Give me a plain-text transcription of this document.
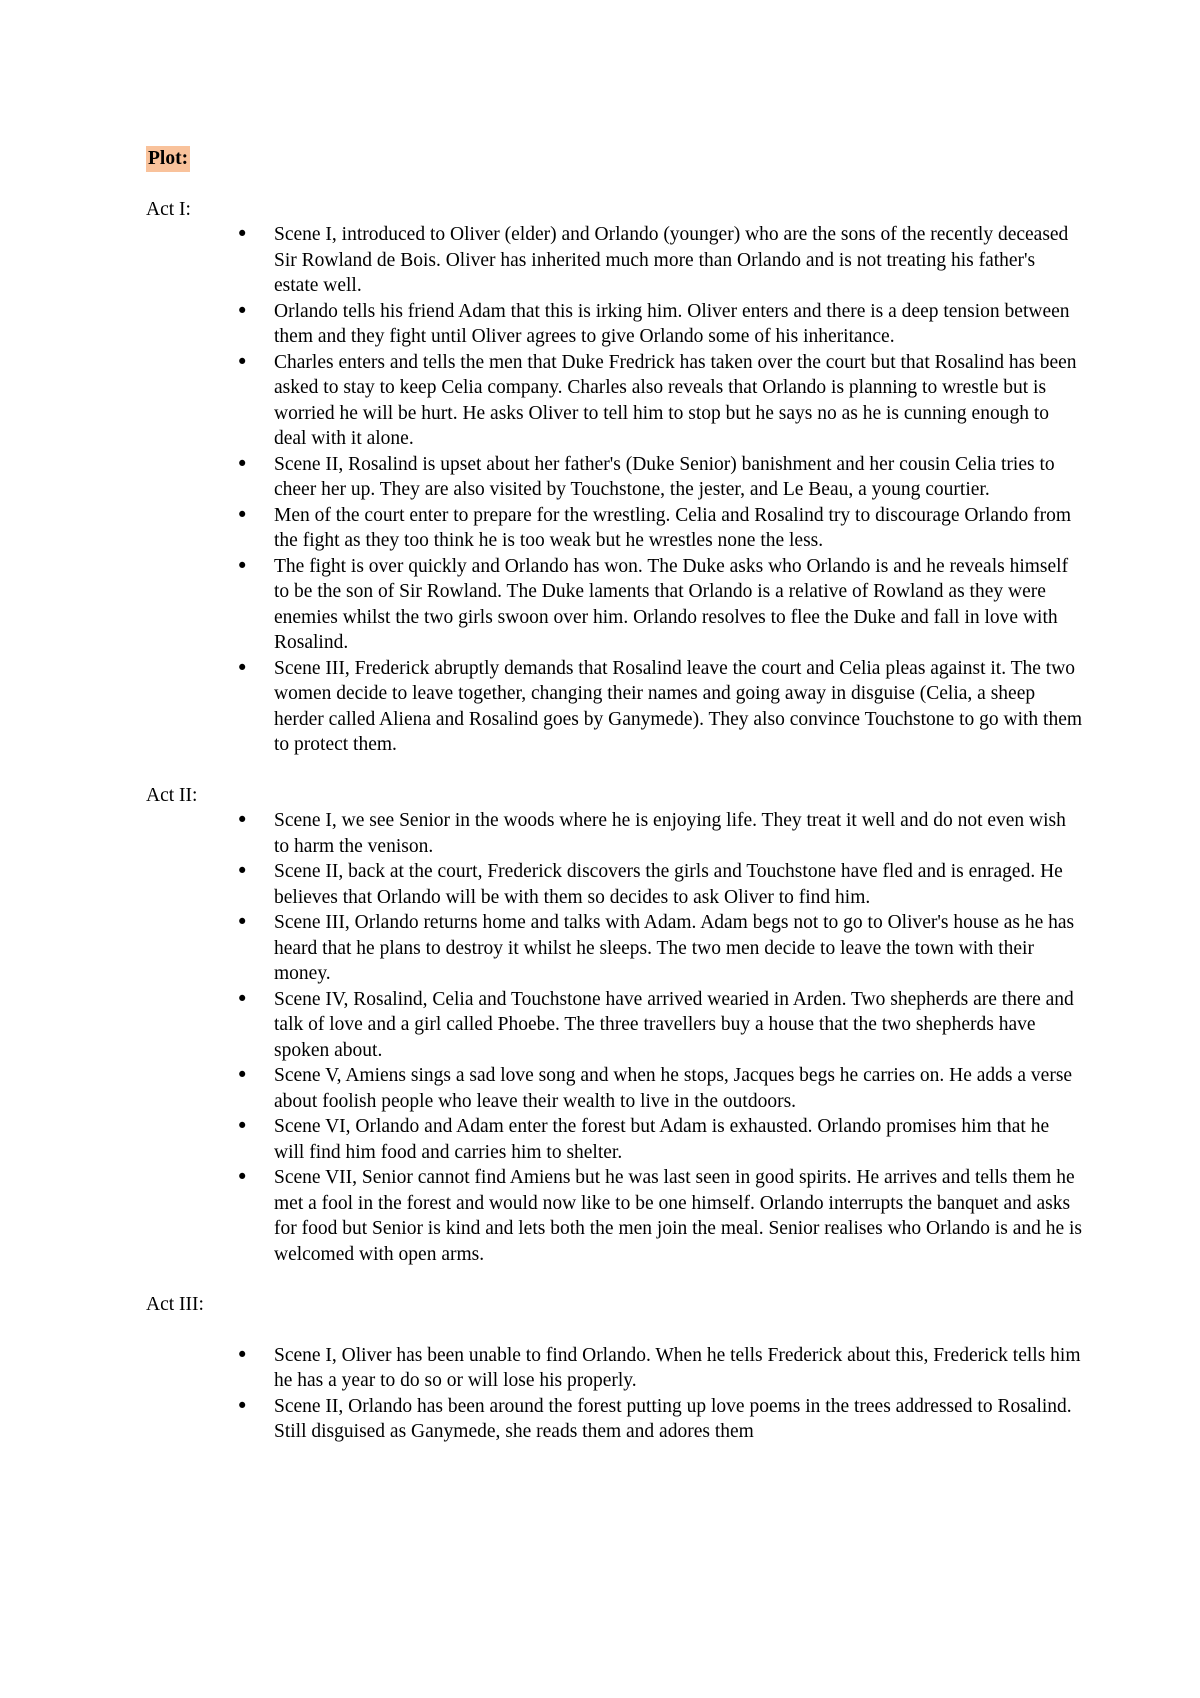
Plot:
Act I:
• Scene I, introduced to Oliver (elder) and Orlando (younger) who are the sons of the recently deceased Sir Rowland de Bois. Oliver has inherited much more than Orlando and is not treating his father's estate well.
• Orlando tells his friend Adam that this is irking him. Oliver enters and there is a deep tension between them and they fight until Oliver agrees to give Orlando some of his inheritance.
• Charles enters and tells the men that Duke Fredrick has taken over the court but that Rosalind has been asked to stay to keep Celia company. Charles also reveals that Orlando is planning to wrestle but is worried he will be hurt. He asks Oliver to tell him to stop but he says no as he is cunning enough to deal with it alone.
• Scene II, Rosalind is upset about her father's (Duke Senior) banishment and her cousin Celia tries to cheer her up. They are also visited by Touchstone, the jester, and Le Beau, a young courtier.
• Men of the court enter to prepare for the wrestling. Celia and Rosalind try to discourage Orlando from the fight as they too think he is too weak but he wrestles none the less.
• The fight is over quickly and Orlando has won. The Duke asks who Orlando is and he reveals himself to be the son of Sir Rowland. The Duke laments that Orlando is a relative of Rowland as they were enemies whilst the two girls swoon over him. Orlando resolves to flee the Duke and fall in love with Rosalind.
• Scene III, Frederick abruptly demands that Rosalind leave the court and Celia pleas against it. The two women decide to leave together, changing their names and going away in disguise (Celia, a sheep herder called Aliena and Rosalind goes by Ganymede). They also convince Touchstone to go with them to protect them.
Act II:
• Scene I, we see Senior in the woods where he is enjoying life. They treat it well and do not even wish to harm the venison.
• Scene II, back at the court, Frederick discovers the girls and Touchstone have fled and is enraged. He believes that Orlando will be with them so decides to ask Oliver to find him.
• Scene III, Orlando returns home and talks with Adam. Adam begs not to go to Oliver's house as he has heard that he plans to destroy it whilst he sleeps. The two men decide to leave the town with their money.
• Scene IV, Rosalind, Celia and Touchstone have arrived wearied in Arden. Two shepherds are there and talk of love and a girl called Phoebe. The three travellers buy a house that the two shepherds have spoken about.
• Scene V, Amiens sings a sad love song and when he stops, Jacques begs he carries on. He adds a verse about foolish people who leave their wealth to live in the outdoors.
• Scene VI, Orlando and Adam enter the forest but Adam is exhausted. Orlando promises him that he will find him food and carries him to shelter.
• Scene VII, Senior cannot find Amiens but he was last seen in good spirits. He arrives and tells them he met a fool in the forest and would now like to be one himself. Orlando interrupts the banquet and asks for food but Senior is kind and lets both the men join the meal. Senior realises who Orlando is and he is welcomed with open arms.
Act III:
• Scene I, Oliver has been unable to find Orlando. When he tells Frederick about this, Frederick tells him he has a year to do so or will lose his properly.
• Scene II, Orlando has been around the forest putting up love poems in the trees addressed to Rosalind. Still disguised as Ganymede, she reads them and adores them
